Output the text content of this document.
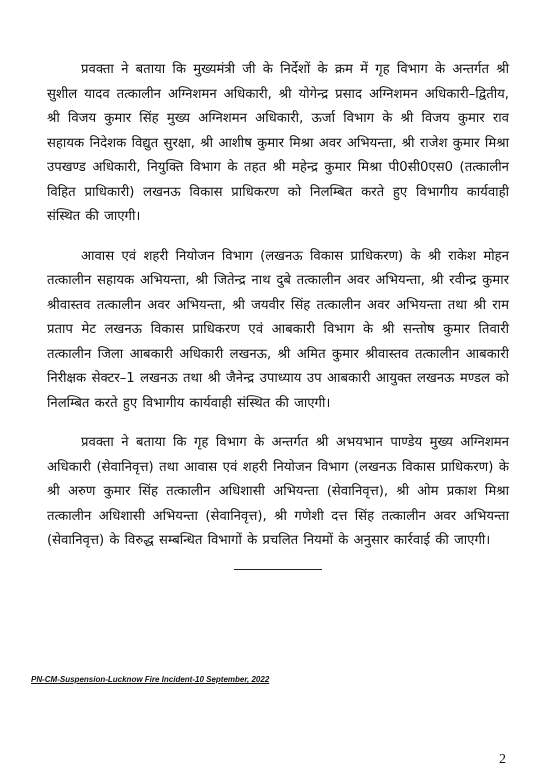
प्रवक्ता ने बताया कि मुख्यमंत्री जी के निर्देशों के क्रम में गृह विभाग के अन्तर्गत श्री सुशील यादव तत्कालीन अग्निशमन अधिकारी, श्री योगेन्द्र प्रसाद अग्निशमन अधिकारी–द्वितीय, श्री विजय कुमार सिंह मुख्य अग्निशमन अधिकारी, ऊर्जा विभाग के श्री विजय कुमार राव सहायक निदेशक विद्युत सुरक्षा, श्री आशीष कुमार मिश्रा अवर अभियन्ता, श्री राजेश कुमार मिश्रा उपखण्ड अधिकारी, नियुक्ति विभाग के तहत श्री महेन्द्र कुमार मिश्रा पी0सी0एस0 (तत्कालीन विहित प्राधिकारी) लखनऊ विकास प्राधिकरण को निलम्बित करते हुए विभागीय कार्यवाही संस्थित की जाएगी।

आवास एवं शहरी नियोजन विभाग (लखनऊ विकास प्राधिकरण) के श्री राकेश मोहन तत्कालीन सहायक अभियन्ता, श्री जितेन्द्र नाथ दुबे तत्कालीन अवर अभियन्ता, श्री रवीन्द्र कुमार श्रीवास्तव तत्कालीन अवर अभियन्ता, श्री जयवीर सिंह तत्कालीन अवर अभियन्ता तथा श्री राम प्रताप मेट लखनऊ विकास प्राधिकरण एवं आबकारी विभाग के श्री सन्तोष कुमार तिवारी तत्कालीन जिला आबकारी अधिकारी लखनऊ, श्री अमित कुमार श्रीवास्तव तत्कालीन आबकारी निरीक्षक सेक्टर–1 लखनऊ तथा श्री जैनेन्द्र उपाध्याय उप आबकारी आयुक्त लखनऊ मण्डल को निलम्बित करते हुए विभागीय कार्यवाही संस्थित की जाएगी।

प्रवक्ता ने बताया कि गृह विभाग के अन्तर्गत श्री अभयभान पाण्डेय मुख्य अग्निशमन अधिकारी (सेवानिवृत्त) तथा आवास एवं शहरी नियोजन विभाग (लखनऊ विकास प्राधिकरण) के श्री अरुण कुमार सिंह तत्कालीन अधिशासी अभियन्ता (सेवानिवृत्त), श्री ओम प्रकाश मिश्रा तत्कालीन अधिशासी अभियन्ता (सेवानिवृत्त), श्री गणेशी दत्त सिंह तत्कालीन अवर अभियन्ता (सेवानिवृत्त) के विरुद्ध सम्बन्धित विभागों के प्रचलित नियमों के अनुसार कार्रवाई की जाएगी।

PN-CM-Suspension-Lucknow Fire Incident-10 September, 2022
2
